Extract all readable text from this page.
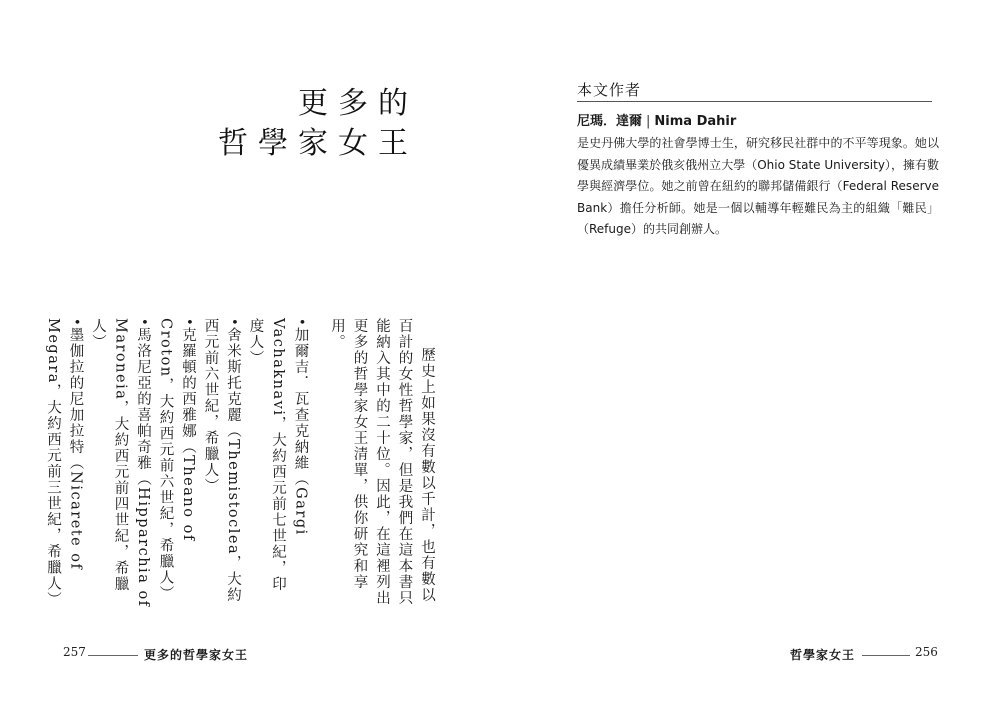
更多的
哲學家女王

歷史上如果沒有數以千計，也有數以百計的女性哲學家，但是我們在這本書只能納入其中的二十位。因此，在這裡列出更多的哲學家女王清單，供你研究和享用。

•加爾吉．瓦查克納維（Gargi Vachaknavi，大約西元前七世紀，印度人）
•舍米斯托克麗（Themistoclea，大約西元前六世紀，希臘人）
•克羅頓的西雅娜（Theano of Croton，大約西元前六世紀，希臘人）
•馬洛尼亞的喜帕奇雅（Hipparchia of Maroneia，大約西元前四世紀，希臘人）
•墨伽拉的尼加拉特（Nicarete of Megara，大約西元前三世紀，希臘人）
257	更多的哲學家女王
本文作者
尼瑪．達爾 | Nima Dahir

是史丹佛大學的社會學博士生，研究移民社群中的不平等現象。她以優異成績畢業於俄亥俄州立大學（Ohio State University），擁有數學與經濟學位。她之前曾在紐約的聯邦儲備銀行（Federal Reserve Bank）擔任分析師。她是一個以輔導年輕難民為主的組織「難民」（Refuge）的共同創辦人。

哲學家女王	256
